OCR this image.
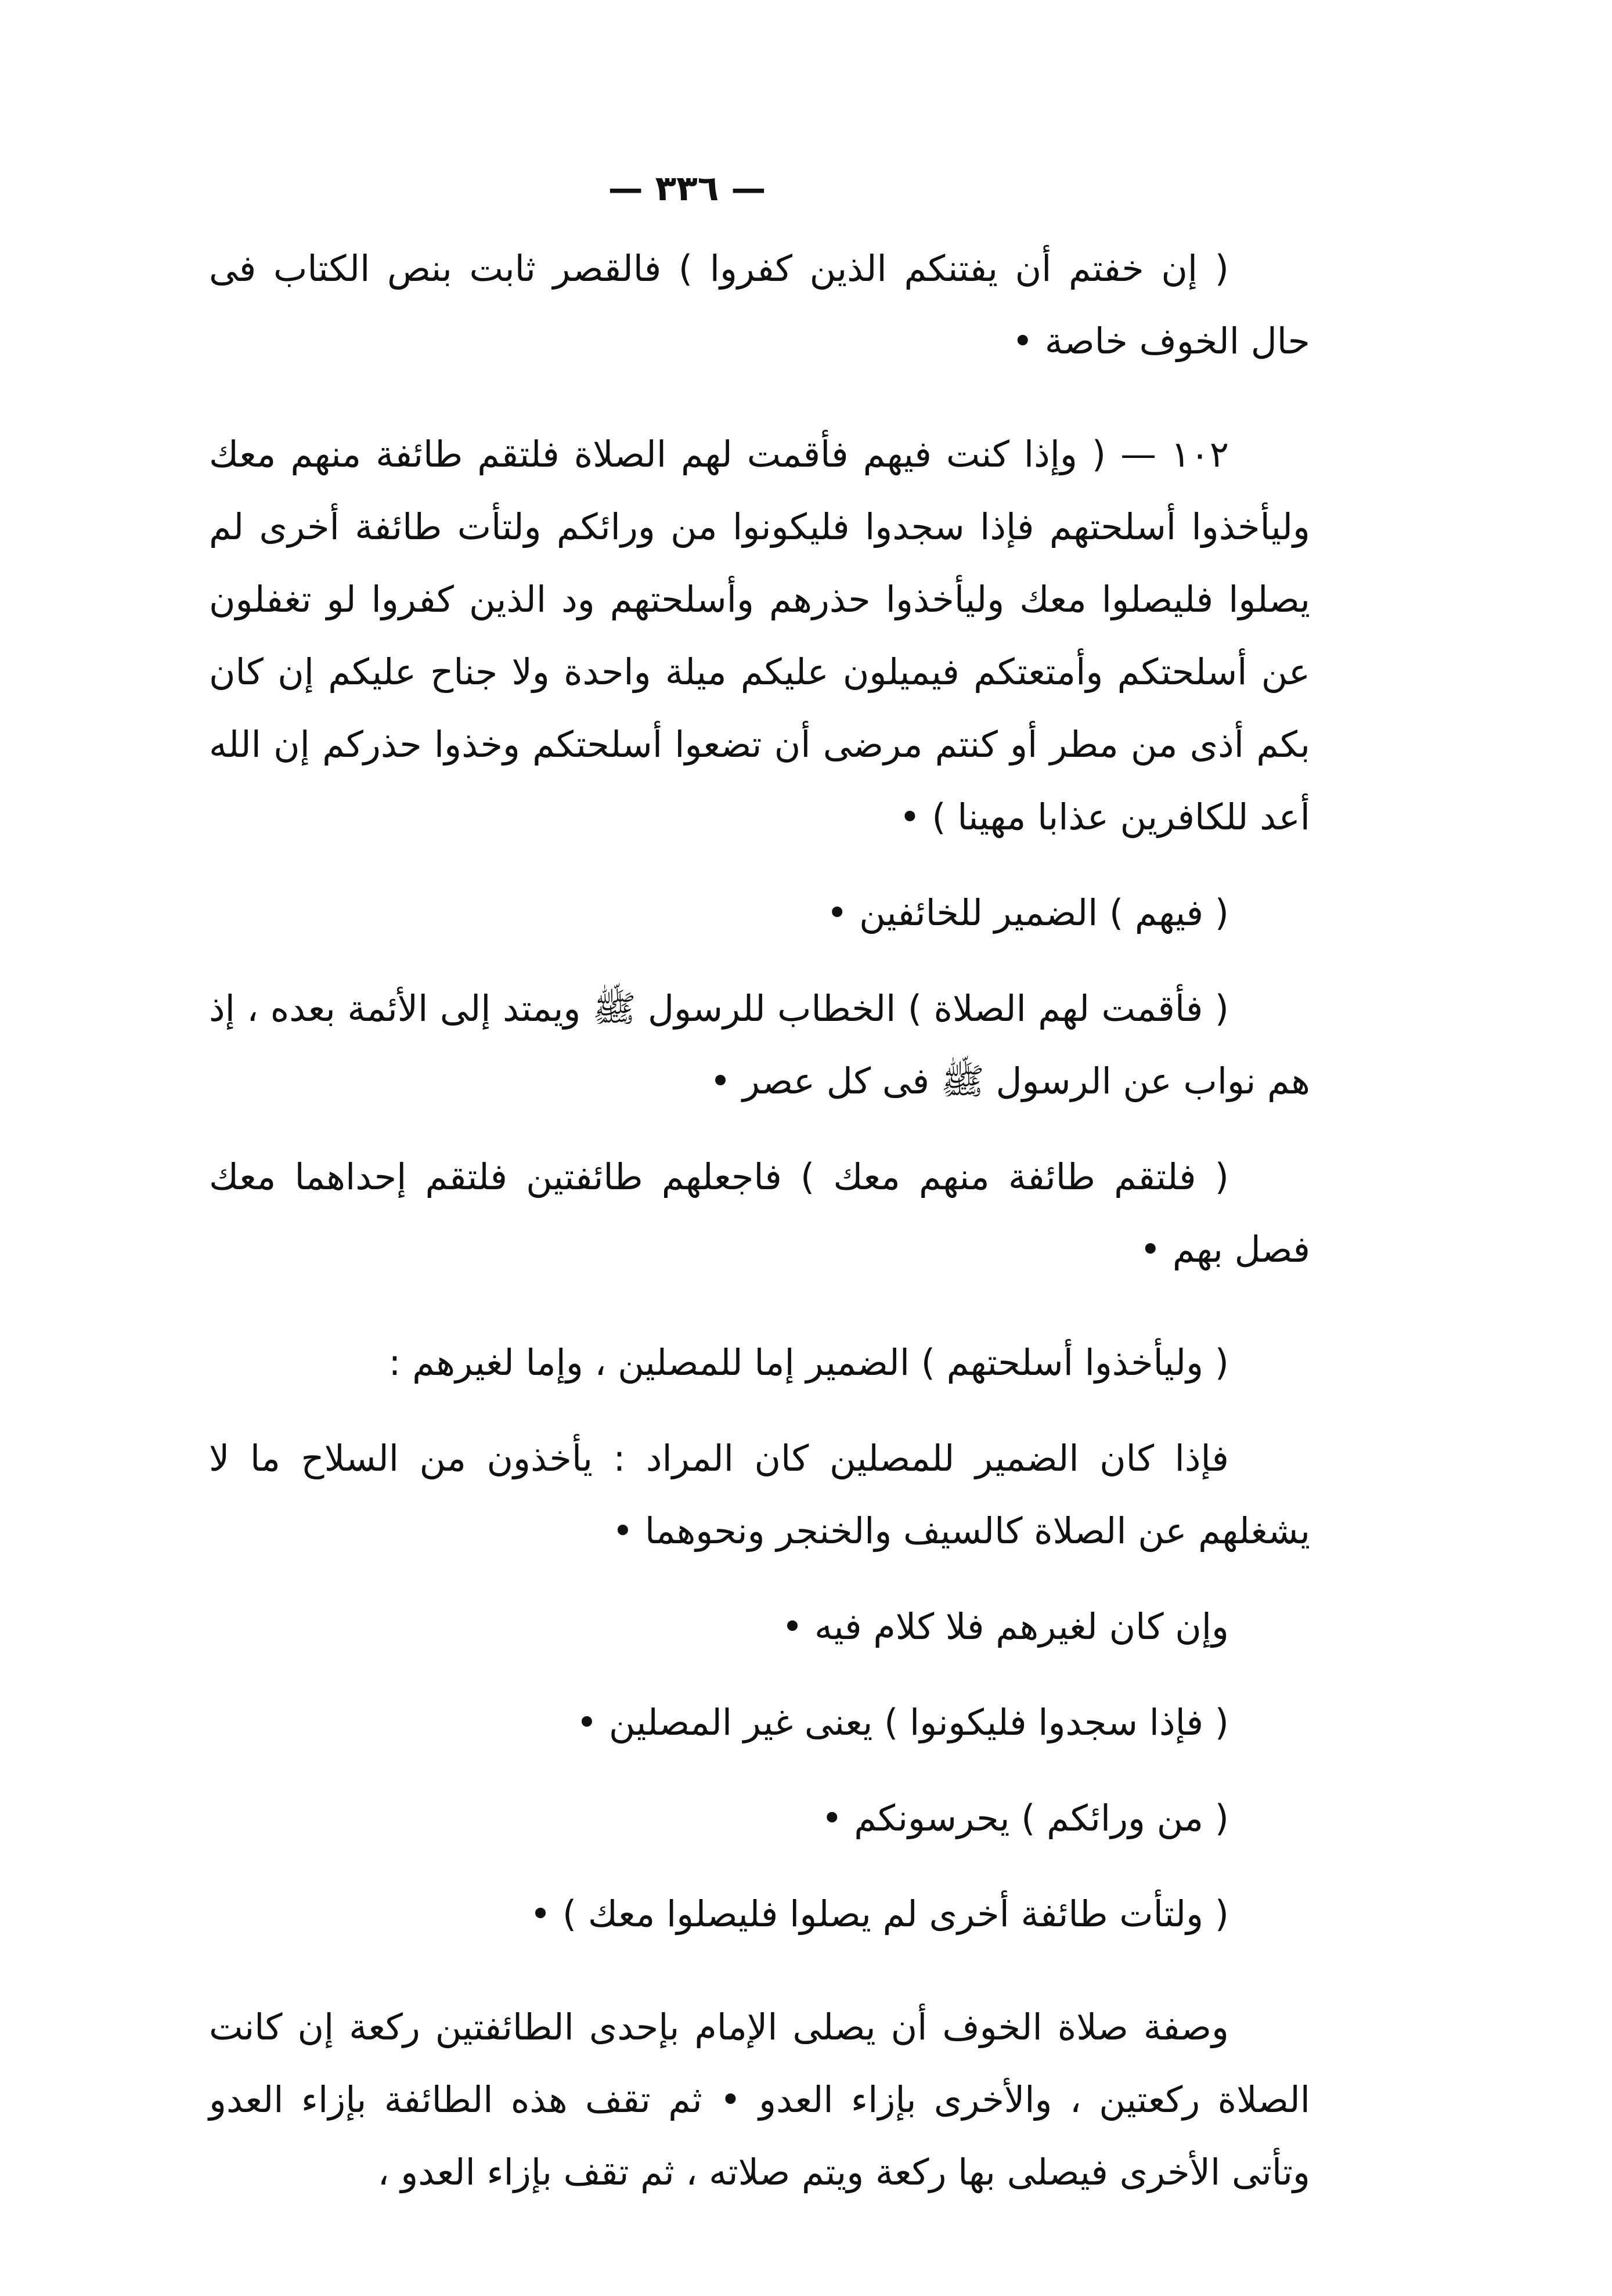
— ٣٣٦ —

( إن خفتم أن يفتنكم الذين كفروا ) فالقصر ثابت بنص الكتاب فى حال الخوف خاصة •

١٠٢ — ( وإذا كنت فيهم فأقمت لهم الصلاة فلتقم طائفة منهم معك وليأخذوا أسلحتهم فإذا سجدوا فليكونوا من ورائكم ولتأت طائفة أخرى لم يصلوا فليصلوا معك وليأخذوا حذرهم وأسلحتهم ود الذين كفروا لو تغفلون عن أسلحتكم وأمتعتكم فيميلون عليكم ميلة واحدة ولا جناح عليكم إن كان بكم أذى من مطر أو كنتم مرضى أن تضعوا أسلحتكم وخذوا حذركم إن الله أعد للكافرين عذابا مهينا ) •

( فيهم ) الضمير للخائفين •

( فأقمت لهم الصلاة ) الخطاب للرسول ﷺ ويمتد إلى الأئمة بعده ، إذ هم نواب عن الرسول ﷺ فى كل عصر •

( فلتقم طائفة منهم معك ) فاجعلهم طائفتين فلتقم إحداهما معك فصل بهم •

( وليأخذوا أسلحتهم ) الضمير إما للمصلين ، وإما لغيرهم :

فإذا كان الضمير للمصلين كان المراد : يأخذون من السلاح ما لا يشغلهم عن الصلاة كالسيف والخنجر ونحوهما •

وإن كان لغيرهم فلا كلام فيه •

( فإذا سجدوا فليكونوا ) يعنى غير المصلين •

( من ورائكم ) يحرسونكم •

( ولتأت طائفة أخرى لم يصلوا فليصلوا معك ) •

وصفة صلاة الخوف أن يصلى الإمام بإحدى الطائفتين ركعة إن كانت الصلاة ركعتين ، والأخرى بإزاء العدو • ثم تقف هذه الطائفة بإزاء العدو وتأتى الأخرى فيصلى بها ركعة ويتم صلاته ، ثم تقف بإزاء العدو ،
